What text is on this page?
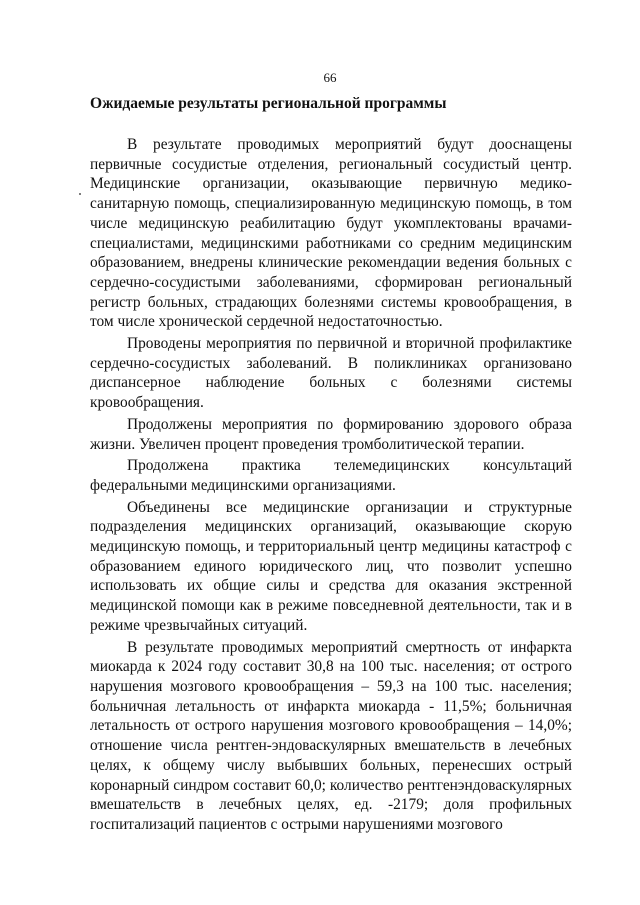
66
Ожидаемые результаты региональной программы

В результате проводимых мероприятий будут дооснащены первичные сосудистые отделения, региональный сосудистый центр. Медицинские организации, оказывающие первичную медико-санитарную помощь, специализированную медицинскую помощь, в том числе медицинскую реабилитацию будут укомплектованы врачами-специалистами, медицинскими работниками со средним медицинским образованием, внедрены клинические рекомендации ведения больных с сердечно-сосудистыми заболеваниями, сформирован региональный регистр больных, страдающих болезнями системы кровообращения, в том числе хронической сердечной недостаточностью.

Проводены мероприятия по первичной и вторичной профилактике сердечно-сосудистых заболеваний. В поликлиниках организовано диспансерное наблюдение больных с болезнями системы кровообращения.

Продолжены мероприятия по формированию здорового образа жизни. Увеличен процент проведения тромболитической терапии.

Продолжена практика телемедицинских консультаций федеральными медицинскими организациями.

Объединены все медицинские организации и структурные подразделения медицинских организаций, оказывающие скорую медицинскую помощь, и территориальный центр медицины катастроф с образованием единого юридического лиц, что позволит успешно использовать их общие силы и средства для оказания экстренной медицинской помощи как в режиме повседневной деятельности, так и в режиме чрезвычайных ситуаций.

В результате проводимых мероприятий смертность от инфаркта миокарда к 2024 году составит 30,8 на 100 тыс. населения; от острого нарушения мозгового кровообращения – 59,3 на 100 тыс. населения; больничная летальность от инфаркта миокарда - 11,5%; больничная летальность от острого нарушения мозгового кровообращения – 14,0%; отношение числа рентген-эндоваскулярных вмешательств в лечебных целях, к общему числу выбывших больных, перенесших острый коронарный синдром составит 60,0; количество рентгенэндоваскулярных вмешательств в лечебных целях, ед. -2179; доля профильных госпитализаций пациентов с острыми нарушениями мозгового
